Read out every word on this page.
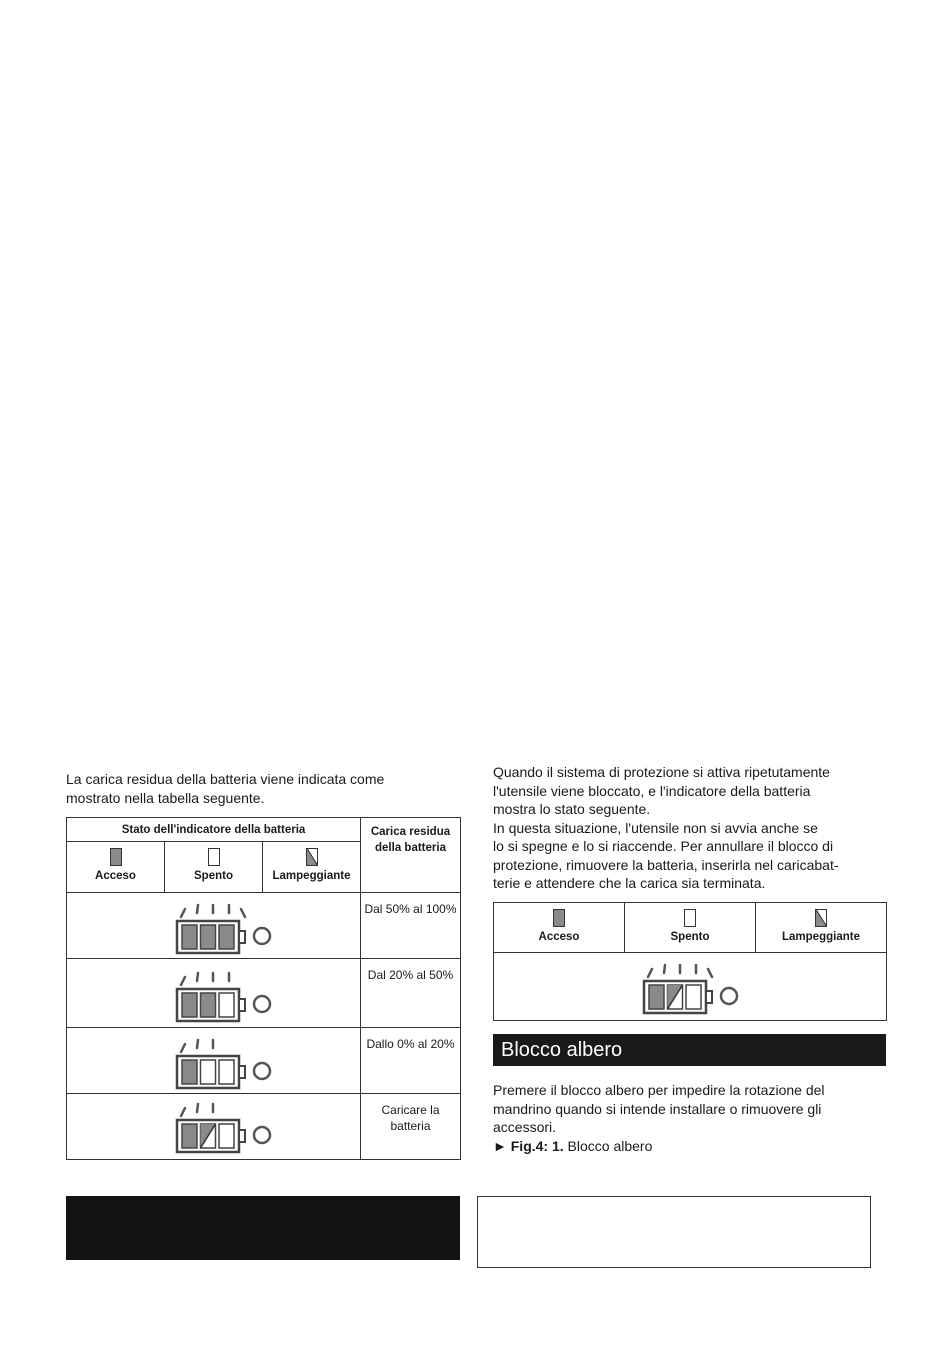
La carica residua della batteria viene indicata come
mostrato nella tabella seguente.
Stato dell'indicatore della batteria			Carica residua della batteria

Acceso	Spento	Lampeggiante	

	Dal 50% al 100%

	Dal 20% al 50%

	Dallo 0% al 20%

	Caricare la batteria
Quando il sistema di protezione si attiva ripetutamente
l'utensile viene bloccato, e l'indicatore della batteria
mostra lo stato seguente.
In questa situazione, l'utensile non si avvia anche se
lo si spegne e lo si riaccende. Per annullare il blocco di
protezione, rimuovere la batteria, inserirla nel caricabat-
terie e attendere che la carica sia terminata.
Acceso	Spento	Lampeggiante

Blocco albero
Premere il blocco albero per impedire la rotazione del
mandrino quando si intende installare o rimuovere gli
accessori.
► Fig.4: 1. Blocco albero
